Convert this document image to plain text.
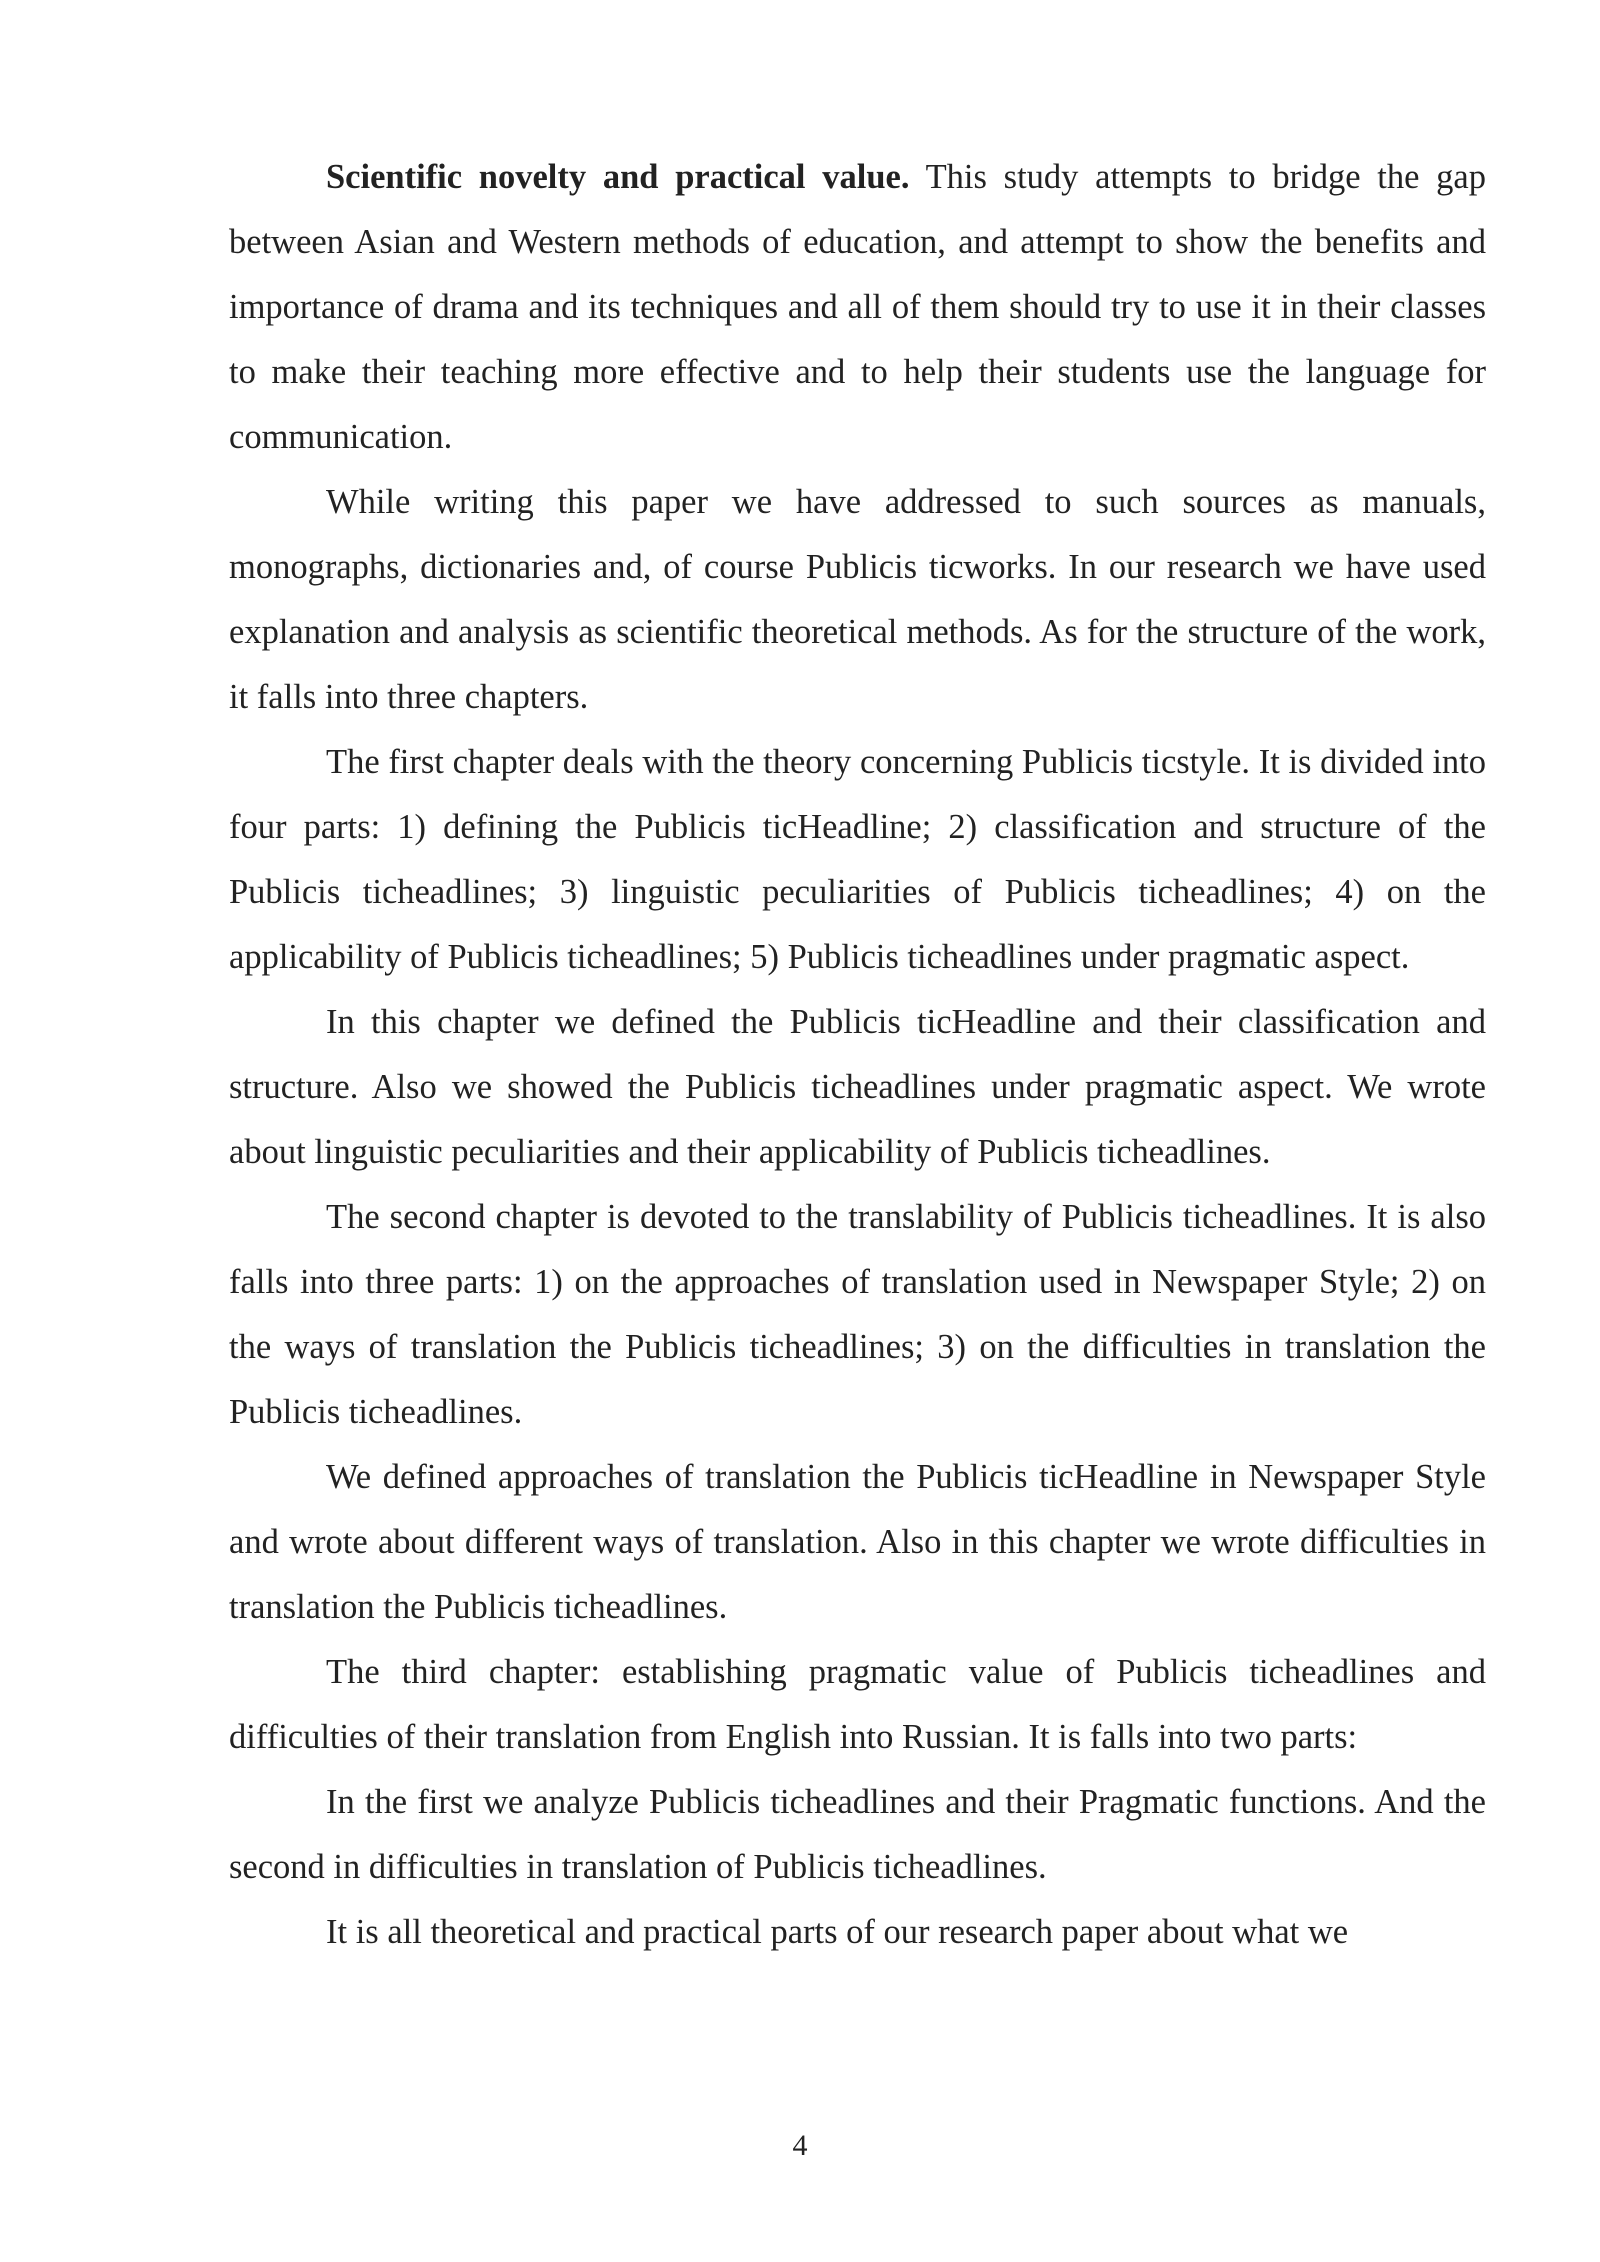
Scientific novelty and practical value. This study attempts to bridge the gap between Asian and Western methods of education, and attempt to show the benefits and importance of drama and its techniques and all of them should try to use it in their classes to make their teaching more effective and to help their students use the language for communication.

While writing this paper we have addressed to such sources as manuals, monographs, dictionaries and, of course Publicis ticworks. In our research we have used explanation and analysis as scientific theoretical methods. As for the structure of the work, it falls into three chapters.

The first chapter deals with the theory concerning Publicis ticstyle. It is divided into four parts: 1) defining the Publicis ticHeadline; 2) classification and structure of the Publicis ticheadlines; 3) linguistic peculiarities of Publicis ticheadlines; 4) on the applicability of Publicis ticheadlines; 5) Publicis ticheadlines under pragmatic aspect.

In this chapter we defined the Publicis ticHeadline and their classification and structure. Also we showed the Publicis ticheadlines under pragmatic aspect. We wrote about linguistic peculiarities and their applicability of Publicis ticheadlines.

The second chapter is devoted to the translability of Publicis ticheadlines. It is also falls into three parts: 1) on the approaches of translation used in Newspaper Style; 2) on the ways of translation the Publicis ticheadlines; 3) on the difficulties in translation the Publicis ticheadlines.

We defined approaches of translation the Publicis ticHeadline in Newspaper Style and wrote about different ways of translation. Also in this chapter we wrote difficulties in translation the Publicis ticheadlines.

The third chapter: establishing pragmatic value of Publicis ticheadlines and difficulties of their translation from English into Russian. It is falls into two parts:

In the first we analyze Publicis ticheadlines and their Pragmatic functions. And the second in difficulties in translation of Publicis ticheadlines.

It is all theoretical and practical parts of our research paper about what we

4
